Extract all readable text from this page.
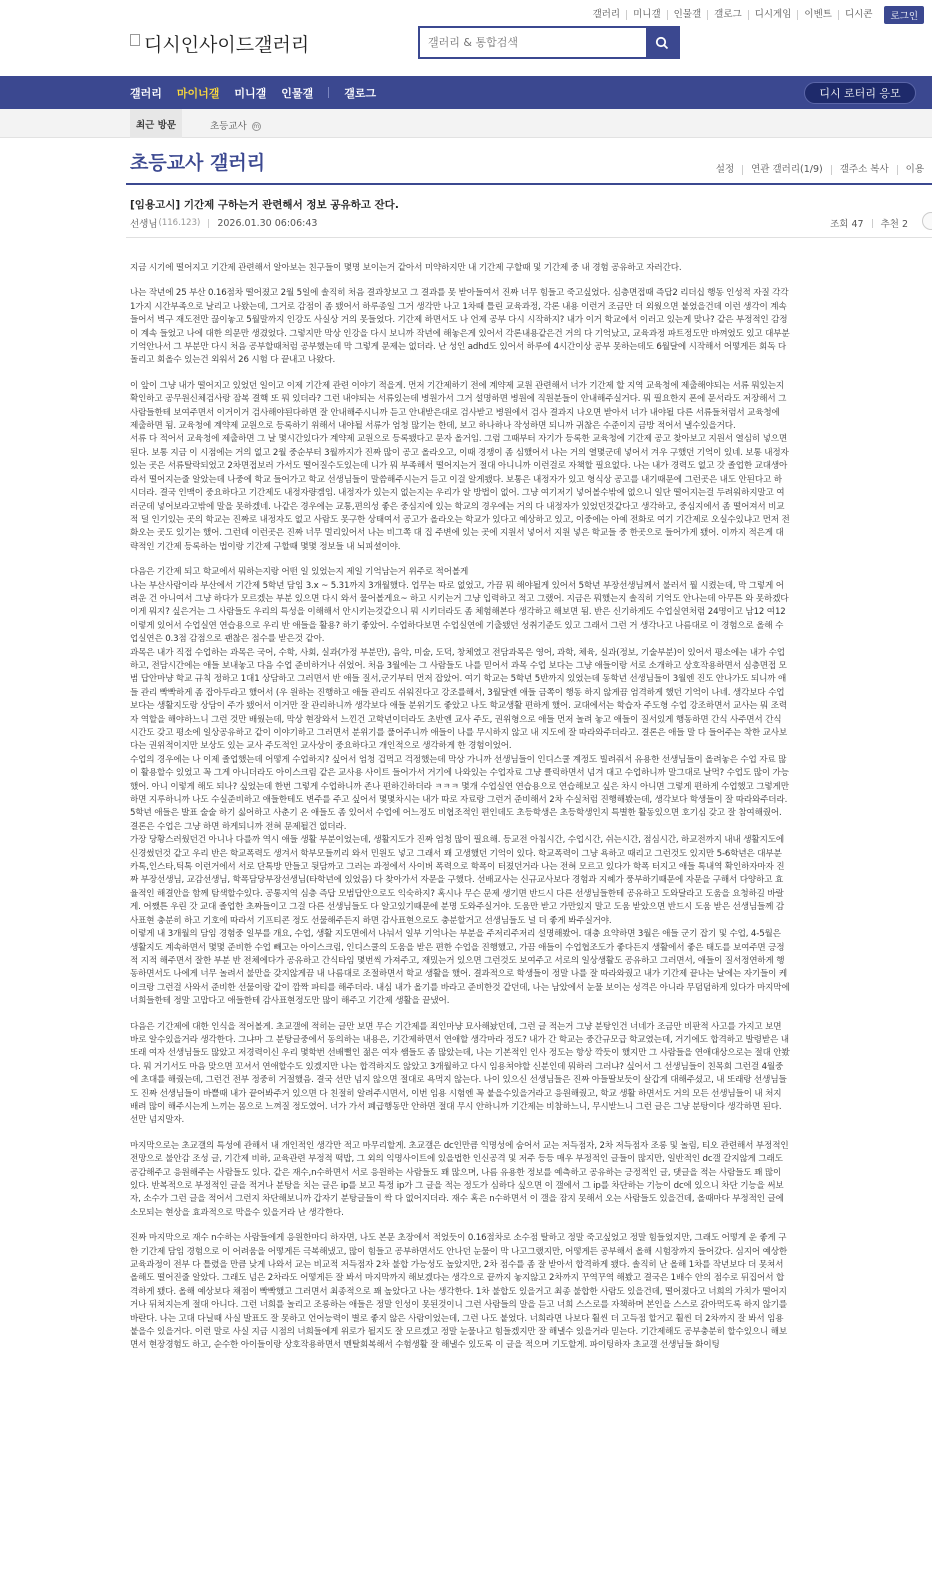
갤러리	미니갤	인물갤	갤로그	디시게임	이벤트	디시콘	로그인
디시인사이드갤러리
갤러리 & 통합검색
갤러리 마이너갤 미니갤 인물갤	갤로그	디시 로터리 응모
최근 방문	초등교사 m
초등교사 갤러리	설정	연관 갤러리(1/9)	갤주소 복사	이용
[임용고시] 기간제 구하는거 관련해서 정보 공유하고 잔다.
선생님 (116.123) 2026.01.30 06:06:43	조회 47 추천 2

지금 시기에 떨어지고 기간제 관련해서 알아보는 친구들이 몇명 보이는거 같아서 미약하지만 내 기간제 구할때 및 기간제 중 내 경험 공유하고 자러간다.

나는 작년에 25 부산 0.16점차 떨어졌고 2월 5일에 솔직히 처음 결과창보고 그 결과를 못 받아들여서 진짜 너무 힘들고 죽고싶었다. 심층면접때 즉답2 리더십 행동 인성적 자질 각각 1가지 시간부족으로 날리고 나왔는데, 그거로 감점이 좀 됐어서 하루종일 그거 생각만 나고 1차때 틀린 교육과정, 각론 내용 이런거 조금만 더 외웠으면 붙었을건데 이런 생각이 계속 들어서 벽구 재도전만 끊이놓고 5월말까지 인강도 사실상 거의 못들었다. 기간제 하면서도 나 언제 공부 다시 시작하지? 내가 이거 학교에서 이러고 있는게 맞나? 같은 부정적인 감정이 계속 들었고 나에 대한 의문만 생겼었다. 그렇지만 막상 인강을 다시 보니까 작년에 해놓은게 있어서 각론내용같은건 거의 다 기억났고, 교육과정 파트정도만 바껴었도 있고 대부분 기억안나서 그 부분만 다시 처음 공부할때처럼 공부했는데 막 그렇게 문제는 없더라. 난 성인 adhd도 있어서 하루에 4시간이상 공부 못하는데도 6월달에 시작해서 어떻게든 회독 다 돌리고 회올수 있는건 외워서 26 시험 다 끝내고 나왔다.

이 앞이 그냥 내가 떨어지고 있었던 일이고 이제 기간제 관련 이야기 적을게. 먼저 기간제하기 전에 계약제 교원 관련해서 너가 기간제 할 지역 교육청에 제출해야되는 서류 뭐있는지 확인하고 공무원신체검사랑 잠복 결핵 또 뭐 있더라? 그런 내야되는 서류있는데 병원가서 그거 설명하면 병원에 직원분들이 안내해주실거다. 뭐 필요한지 폰에 문서라도 저장해서 그 사람들한테 보여주면서 이거이거 검사해야된다하면 잘 안내해주시니까 듣고 안내받은대로 검사받고 병원에서 검사 결과지 나오면 받아서 너가 내야될 다른 서류들처럼서 교육청에 제출하면 됨. 교육청에 계약제 교원으로 등록하기 위해서 내야될 서류가 엄청 많기는 한데, 보고 하나하나 작성하면 되니까 귀찮은 수준이지 금방 적어서 낼수있을거다.

서류 다 적어서 교육청에 제출하면 그 날 몇시간있다가 계약제 교원으로 등록됐다고 문자 올거임. 그럼 그때부터 자기가 등록한 교육청에 기간제 공고 찾아보고 지원서 열심히 넣으면 된다. 보통 지금 이 시점에는 거의 없고 2월 중순부터 3월까지가 진짜 많이 공고 올라오고, 이때 경쟁이 좀 심했어서 나는 거의 열몇군데 넣어서 겨우 구했던 기억이 있네. 보통 내정자 있는 곳은 서류탈락되었고 2차면접보러 가서도 떨어질수도있는데 니가 뭐 부족해서 떨어지는거 절대 아니니까 이런걸로 자책할 필요없다. 나는 내가 경력도 없고 갓 졸업한 교대생아라서 떨어지는줄 알았는데 나중에 학교 들어가고 학교 선생님들이 말씀해주시는거 듣고 이걸 알게됐다. 보통은 내정자가 있고 형식상 공고를 내기때문에 그런곳은 내도 안된다고 하시더라. 결국 인맥이 중요하다고 기간제도 내정자량겜임. 내정자가 있는지 없는지는 우리가 알 방법이 없어. 그냥 여기저기 넣어볼수밖에 없으니 일단 떨어지는걸 두려워하지말고 여러군데 넣어보라고밖에 말을 못하겠네. 나같은 경우에는 교통,편의성 좋은 중심지에 있는 학교의 경우에는 거의 다 내정자가 있었던것같다고 생각하고, 중심지에서 좀 떨어져서 비교적 덜 인기있는 곳의 학교는 진짜로 내정자도 없고 사람도 못구한 상태여서 공고가 올라오는 학교가 있다고 예상하고 있고, 이중에는 아예 전화로 여기 기간제로 오실수있냐고 먼저 전화오는 곳도 있기는 했어. 그런데 이런곳은 진짜 너무 멀리있어서 나는 비그쪽 대 집 주변에 있는 곳에 지원서 넣어서 지원 넣은 학교들 중 한곳으로 들어가게 됐어. 이까지 적은게 대략적인 기간제 등록하는 법이랑 기간제 구할때 몇몇 정보들 내 뇌피셜이야.

다음은 기간제 되고 학교에서 뭐하는지랑 어떤 일 있었는지 제일 기억남는거 위주로 적어볼게

나는 부산사람이라 부산에서 기간제 5학년 담임 3.x ~ 5.31까지 3개월했다. 업무는 따로 없었고, 가끔 뭐 해야될게 있어서 5학년 부장선생님께서 불러서 뭘 시켰는데, 막 그렇게 어려운 건 아니여서 그냥 하다가 모르겠는 부분 있으면 다시 와서 물어볼게요~ 하고 시키는거 그냥 입력하고 적고 그랬어. 지금은 뭐했는지 솔직히 기억도 안나는데 아무튼 와 못하겠다 이게 뭐지? 싶은거는 그 사람들도 우리의 특성을 이해해서 안시키는것같으니 뭐 시키더라도 좀 체험해본다 생각하고 해보면 됨. 반은 신기하게도 수업실연처럼 24명이고 남12 여12 이렇게 있어서 수업실연 연습용으로 우리 반 애들을 활용? 하기 좋았어. 수업하다보면 수업실연에 기출됐던 성취기준도 있고 그래서 그런 거 생각나고 나름대로 이 경험으로 올해 수업실연은 0.3점 감점으로 괜찮은 점수를 받은것 같아.

과목은 내가 직접 수업하는 과목은 국어, 수학, 사회, 실과(가정 부분만), 음악, 미술, 도덕, 창체였고 전담과목은 영어, 과학, 체육, 실과(정보, 기술부분)이 있어서 평소에는 내가 수업하고, 전담시간에는 애들 보내놓고 다음 수업 준비하거나 쉬었어. 처음 3월에는 그 사람들도 나를 믿어서 과목 수업 보다는 그냥 애들이랑 서로 소개하고 상호작용하면서 심층면접 모범 답안마냥 학교 규칙 정하고 1대1 상담하고 그러면서 반 애들 질서,군기부터 먼저 잡았어. 여기 학교는 5학년 5반까지 있었는데 동학년 선생님들이 3월엔 진도 안나가도 되니까 애들 관리 빡빡하게 좀 잡아두라고 했어서 (우 원하는 진행하고 애들 관리도 쉬워진다고 강조를해서, 3월달엔 애들 금쪽이 행동 하지 않게끔 엄격하게 했던 기억이 나네. 생각보다 수업보다는 생활지도랑 상담이 주가 됐어서 이거만 잘 관리하니까 생각보다 애들 분위기도 좋았고 나도 학교생활 편하게 했어. 교대에서는 학습자 주도형 수업 강조하면서 교사는 뭐 조력자 역할을 해야하느니 그런 것만 배웠는데, 막상 현장와서 느낀건 고학년이더라도 초반엔 교사 주도, 권위형으로 애들 먼저 놀려 놓고 애들이 질서있게 행동하면 간식 사주면서 간식 시간도 갖고 평소에 일상공유하고 같이 이야기하고 그러면서 분위기를 풀어주니까 애들이 나를 무시하지 않고 내 지도에 잘 따라와주더라고. 결론은 애들 말 다 들어주는 착한 교사보다는 권위적이지만 보상도 있는 교사 주도적인 교사상이 중요하다고 개인적으로 생각하게 한 경험이었어.

수업의 경우에는 나 이제 졸업했는데 어떻게 수업하지? 싶어서 엄청 겁먹고 걱정했는데 막상 가니까 선생님들이 인디스쿨 계정도 빌려줘서 유용한 선생님들이 올려놓은 수업 자료 많이 활용할수 있었고 꼭 그게 아니더라도 아이스크림 같은 교사용 사이트 들어가서 거기에 나와있는 수업자료 그냥 클릭하면서 넘겨 대고 수업하니까 말그대로 날먹? 수업도 많이 가능했어. 아니 이렇게 해도 되나? 싶었는데 한번 그렇게 수업하니까 존나 편하긴하더라 ㅋㅋㅋ 몇개 수업실연 연습용으로 연습해보고 싶은 차시 아니면 그렇게 편하게 수업했고 그렇게만 하면 지루하니까 나도 수실준비하고 애들한테도 변주를 주고 싶어서 몇몇차시는 내가 따로 자료랑 그런거 준비해서 2차 수실처럼 진행해봤는데, 생각보다 학생들이 잘 따라와주더라. 5학년 애들은 발표 술술 하기 싫어하고 사춘기 온 애들도 좀 있어서 수업에 어느정도 비협조적인 편인데도 초등학생은 초등학생인지 특별한 활동있으면 호기심 갖고 잘 참여해줬어. 결론은 수업은 그냥 하면 하게되니까 전혀 문제될건 없더라.

가장 당황스러웠던건 아니나 다를까 역시 애들 생활 부분이었는데, 생활지도가 진짜 엄청 많이 필요해. 등교전 아침시간, 수업시간, 쉬는시간, 점심시간, 하교전까지 내내 생활지도에 신경썼던것 같고 우리 반은 학교폭력도 생겨서 학부모들끼리 와서 민원도 넣고 그래서 꽤 고생했던 기억이 있다. 학교폭력이 그냥 욕하고 때리고 그런것도 있지만 5-6학년은 대부분 카톡,인스타,틱톡 이런거에서 서로 단톡방 만들고 뒷담까고 그러는 과정에서 사이버 폭력으로 학폭이 터졌던거라 나는 전혀 모르고 있다가 학폭 터지고 애들 톡내역 확인하자마자 진짜 부장선생님, 교감선생님, 학폭담당부장선생님(타학년에 있었음) 다 찾아가서 자문을 구했다. 선배교사는 신규교사보다 경험과 지혜가 풍부하기때문에 자문을 구해서 다양하고 효율적인 해결안을 함께 탐색할수있다. 공통지역 심층 즉답 모범답안으로도 익숙하지? 혹시나 무슨 문제 생기면 반드시 다른 선생님들한테 공유하고 도와달라고 도움을 요청하길 바랄게. 어쨌튼 우린 갓 교대 졸업한 초짜들이고 그걸 다른 선생님들도 다 알고있기때문에 분명 도와주실거야. 도움만 받고 가만있지 말고 도움 받았으면 반드시 도움 받은 선생님들께 감사표현 충분히 하고 기호에 따라서 기프티콘 정도 선물해주든지 하면 감사표현으로도 충분할거고 선생님들도 널 더 좋게 봐주실거야.

이렇게 내 3개월의 담임 경험중 일부를 개요, 수업, 생활 지도면에서 나눠서 일부 기억나는 부분을 주저리주저리 설명해봤어. 대충 요약하면 3월은 애들 군기 잡기 및 수업, 4-5월은 생활지도 계속하면서 몇몇 준비한 수업 빼고는 아이스크림, 인디스쿨의 도움을 받은 편한 수업을 진행했고, 가끔 애들이 수업협조도가 좋다든지 생활에서 좋은 태도를 보여주면 긍정적 지적 해주면서 잘한 부분 반 전체에다가 공유하고 간식타임 몇번씩 가져주고, 재밌는거 있으면 그런것도 보여주고 서로의 일상생활도 공유하고 그러면서, 애들이 질서정연하게 행동하면서도 나에게 너무 놀려서 불만을 갖지않게끔 내 나름대로 조절하면서 학교 생활을 했어. 결과적으로 학생들이 정말 나를 잘 따라와줬고 내가 기간제 끝나는 날에는 자기들이 케이크랑 그런걸 사와서 준비한 선물이랑 같이 깜짝 파티를 해주더라. 내심 내가 올기를 바라고 준비한것 같던데, 나는 남았에서 눈물 보이는 성격은 아니라 무덤덤하게 있다가 마지막에 너희들한테 정말 고맙다고 애들한테 감사표현정도만 많이 해주고 기간제 생활을 끝냈어.

다음은 기간제에 대한 인식을 적어볼게. 초교갤에 적히는 글만 보면 무슨 기간제를 죄인마냥 묘사해놨던데, 그런 글 적는거 그냥 분탕인건 너네가 조금만 비판적 사고를 가지고 보면 바로 알수있을거라 생각한다. 그냐마 그 분탕글중에서 동의하는 내용은, 기간제하면서 연애할 생각마라 정도? 내가 간 학교는 중간규모급 학교였는데, 거기에도 합격하고 발령받은 내 또래 여자 선생님들도 많았고 저경력이신 우리 몇학번 선배뻘인 젊은 여자 쌤들도 좀 많았는데, 나는 기본적인 인사 정도는 항상 깍듯이 했지만 그 사람들을 연애대상으로는 절대 안봤다. 뭐 거기서도 마음 맞으면 꼬셔서 연애할수도 있겠지만 나는 합격하지도 않았고 3개월하고 다시 임용쳐야할 신분인데 뭐하러 그러냐? 싶어서 그 선생님들이 친목회 그런걸 4월중에 초대를 해줬는데, 그런건 전부 정중히 거절했음. 결국 선만 넘지 않으면 절대로 욕먹지 않는다. 나이 있으신 선생님들은 진짜 아들딸보듯이 살갑게 대해주셨고, 내 또래랑 선생님들도 진짜 선생님들이 바쁠때 내가 끝어봐주거 있으면 다 친절히 알려주시면서, 이번 임용 시험엔 꼭 붙을수있을거라고 응원해줬고, 학교 생활 하면서도 거의 모든 선생님들이 내 처지 배려 많이 해주시는게 느끼는 몸으로 느껴질 정도였어. 너가 가서 폐급행동만 안하면 절대 무시 안하니까 기간제는 비참하느니, 무시받느니 그런 글은 그냥 분탕이다 생각하면 된다. 선만 넘지말자.

마지막으로는 초교갤의 특성에 관해서 내 개인적인 생각만 적고 마무리할게. 초교갤은 dc인만큼 익명성에 숨어서 교는 저득점자, 2차 저득점자 조롱 및 놀림, 티오 관련해서 부정적인 전망으로 불안감 조성 글, 기간제 비하, 교육관련 부정적 떡밥, 그 외의 익명사이트에 있을법한 인신공격 및 저주 등등 매우 부정적인 글들이 많지만, 일반적인 dc갤 갈지않게 그래도 공감해주고 응원해주는 사람들도 있다. 같은 재수,n수하면서 서로 응원하는 사람들도 꽤 많으며, 나름 유용한 정보를 예측하고 공유하는 긍정적인 글, 댓글을 적는 사람들도 꽤 많이 있다. 반복적으로 부정적인 글을 적거나 분탕을 치는 글은 ip를 보고 특정 ip가 그 글을 적는 정도가 심하다 싶으면 이 갤에서 그 ip를 차단하는 기능이 dc에 있으니 차단 기능을 써보자, 소수가 그런 글을 적어서 그런지 차단해보니까 갑자기 분탕글들이 싹 다 없어지더라. 재수 혹은 n수하면서 이 갤을 잠지 못해서 오는 사람들도 있을건데, 올때마다 부정적인 글에 소모되는 현상을 효과적으로 막을수 있을거라 난 생각한다.

진짜 마지막으로 재수 n수하는 사람들에게 응원한마디 하자면, 나도 본문 초장에서 적었듯이 0.16점차로 소수점 탈하고 정말 죽고싶었고 정말 힘들었지만, 그래도 어떻게 운 좋게 구한 기간제 담임 경험으로 이 어려움을 어떻게든 극복해냈고, 많이 힘들고 공부하면서도 안나던 눈물이 막 나고그랬지만, 어떻게든 공부해서 올해 시험장까지 들어갔다. 심지어 예상한 교육과정이 전부 다 틀렸을 만큼 낮게 나와서 교는 비교적 저득점자 2차 불합 가능성도 높았지만, 2차 점수를 좀 잘 받아서 합격하게 됐다. 솔직히 난 올해 1차를 작년보다 더 못쳐서 올해도 떨어진줄 알았다. 그래도 넘은 2차라도 어떻게든 잘 봐서 마지막까지 해보겠다는 생각으로 끝까지 놓지않고 2차까지 꾸역꾸역 해봤고 결국은 1배수 안의 점수로 뒤집어서 합격하게 됐다. 올해 예상보다 채점이 빡빡했고 그러면서 최종적으로 꽤 높았다고 나는 생각한다. 1차 불합도 있을거고 최종 불합한 사람도 있을건데, 떨어졌다고 너희의 가치가 떨어지거나 뒤쳐지는게 절대 아니다. 그런 너희를 놀리고 조롱하는 애들은 정말 인성이 못된것이니 그런 사람들의 말을 듣고 너희 스스로를 자책하며 본인을 스스로 갉아먹도록 하지 않기를 바란다. 나는 고대 다닐때 사실 발표도 잘 못하고 언어능력이 별로 좋지 않은 사람이었는데, 그런 나도 붙었다. 너희라면 나보다 훨씬 더 고득점 할거고 훨씬 더 2차까지 잘 봐서 임용 붙을수 있을거다. 이런 말로 사실 지금 시점의 너희들에게 위로가 될지도 잘 모르겠고 정말 눈물나고 힘들겠지만 잘 해낼수 있을거라 믿는다. 기간제해도 공부충분히 할수있으니 해보면서 현장경험도 하고, 순수한 아이들이랑 상호작용하면서 멘탈회복해서 수험생활 잘 해낼수 있도록 이 글을 적으며 기도할게. 파이팅하자 초교갤 선생님들 화이팅
